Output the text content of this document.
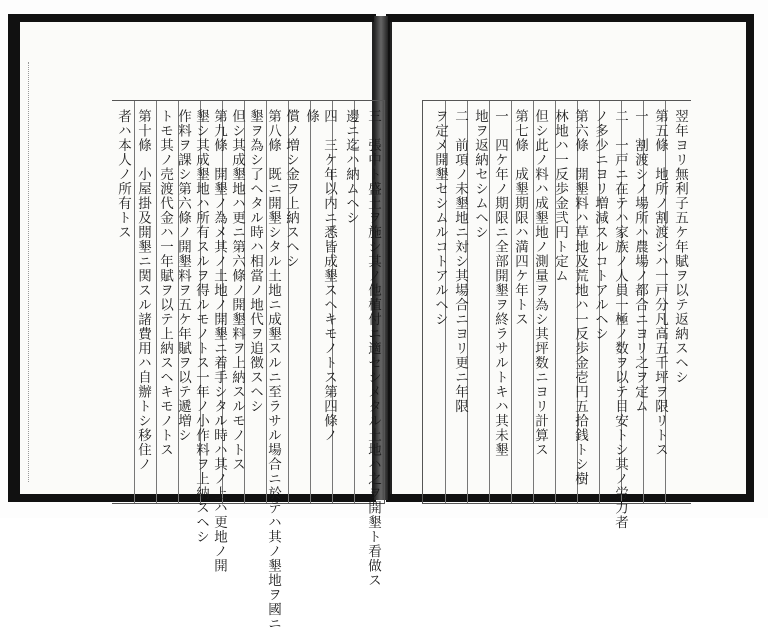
三　張中ト盛土ヲ施シ其ノ他植付ニ適セシメタル土地ハ之ヲ開墾ト看做ス
邊ニ迄ハ納ムヘシ
四　三ケ年以内ニ悉皆成墾スヘキモノトス第四條ノ
條
償ノ増シ金ヲ上納スヘシ
第八條　既ニ開墾シタル土地ニ成墾スルニ至ラサル場合ニ於テハ其ノ墾地ヲ國ニ
墾ヲ為シ了ヘタル時ハ相當ノ地代ヲ追徴スヘシ
但シ其成墾地ハ更ニ第六條ノ開墾料ヲ上納スルモノトス
第九條　開墾ノ為メ其ノ土地ノ開墾ニ着手シタル時ハ其ノ上ハ更地ノ開
墾シ其成墾地ハ所有スルヲ得ルモノトス一年ノ小作料ヲ上納スヘシ
作料ヲ課シ第六條ノ開墾料ヲ五ケ年賦ヲ以テ遞増シ
トモ其ノ売渡代金ハ一年賦ヲ以テ上納スヘキモノトス
第十條　小屋掛及開墾ニ関スル諸費用ハ自辦トシ移住ノ
者ハ本人ノ所有トス	翌年ヨリ無利子五ケ年賦ヲ以テ返納スヘシ
第五條　地所ノ割渡シハ一戸分凡高五千坪ヲ限リトス
一　割渡シノ場所ハ農場ノ都合ニヨリ之ヲ定ム
二　一戸ニ在テハ家族ノ人員一極ノ数ヲ以テ目安トシ其ノ労力者
ノ多少ニヨリ増減スルコトアルヘシ
第六條　開墾料ハ草地及荒地ハ一反歩金壱円五拾銭トシ樹
林地ハ一反歩金弐円ト定ム
但シ此ノ料ハ成墾地ノ測量ヲ為シ其坪数ニヨリ計算ス
第七條　成墾期限ハ満四ケ年トス
一　四ケ年ノ期限ニ全部開墾ヲ終ラサルトキハ其未墾
地ヲ返納セシムヘシ
二　前項ノ未墾地ニ対シ其場合ニヨリ更ニ年限
ヲ定メ開墾セシムルコトアルヘシ
